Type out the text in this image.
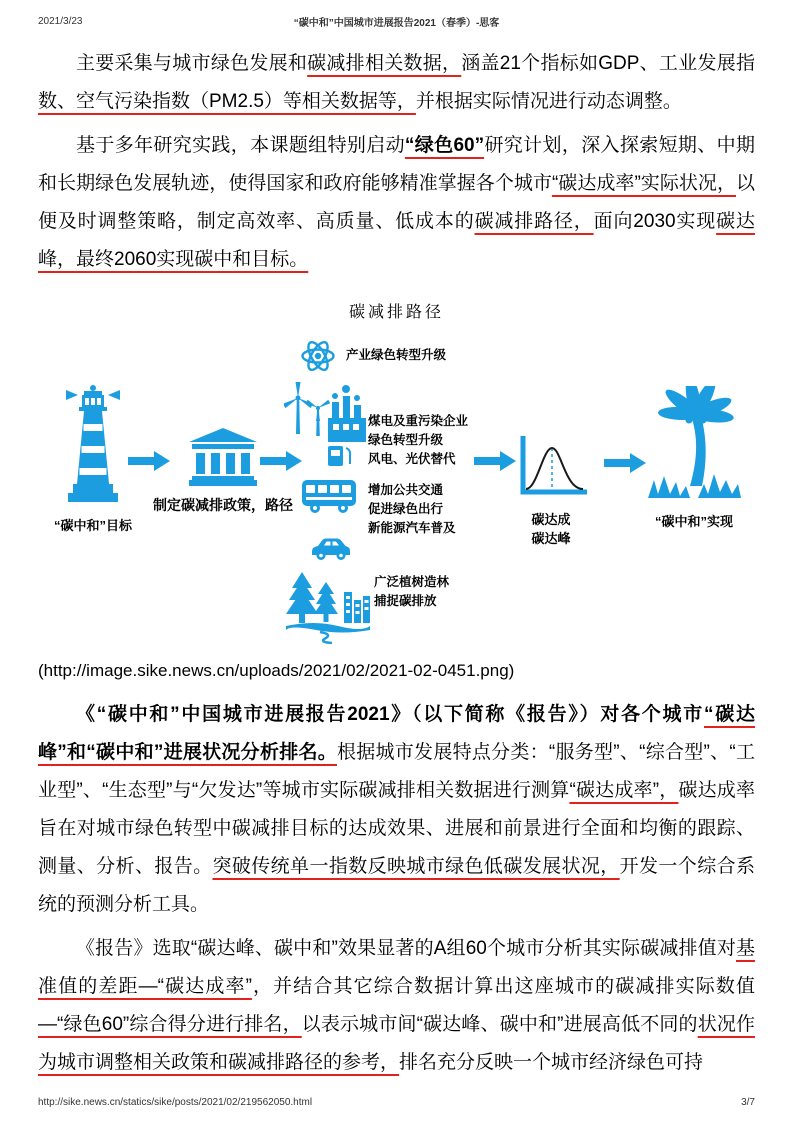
2021/3/23	“碳中和”中国城市进展报告2021（春季）-思客

主要采集与城市绿色发展和碳减排相关数据，涵盖21个指标如GDP、工业发展指数、空气污染指数（PM2.5）等相关数据等，并根据实际情况进行动态调整。

基于多年研究实践，本课题组特别启动“绿色60”研究计划，深入探索短期、中期和长期绿色发展轨迹，使得国家和政府能够精准掌握各个城市“碳达成率”实际状况，以便及时调整策略，制定高效率、高质量、低成本的碳减排路径，面向2030实现碳达峰，最终2060实现碳中和目标。

碳减排路径
“碳中和”目标
制定碳减排政策，路径
产业绿色转型升级
煤电及重污染企业
绿色转型升级
风电、光伏替代
增加公共交通
促进绿色出行
新能源汽车普及
广泛植树造林
捕捉碳排放
碳达成
碳达峰
“碳中和”实现

(http://image.sike.news.cn/uploads/2021/02/2021-02-0451.png)

《“碳中和”中国城市进展报告2021》（以下简称《报告》）对各个城市“碳达峰”和“碳中和”进展状况分析排名。根据城市发展特点分类：“服务型”、“综合型”、“工业型”、“生态型”与“欠发达”等城市实际碳减排相关数据进行测算“碳达成率”，碳达成率旨在对城市绿色转型中碳减排目标的达成效果、进展和前景进行全面和均衡的跟踪、测量、分析、报告。突破传统单一指数反映城市绿色低碳发展状况，开发一个综合系统的预测分析工具。

《报告》选取“碳达峰、碳中和”效果显著的A组60个城市分析其实际碳减排值对基准值的差距—“碳达成率”，并结合其它综合数据计算出这座城市的碳减排实际数值—“绿色60”综合得分进行排名，以表示城市间“碳达峰、碳中和”进展高低不同的状况作为城市调整相关政策和碳减排路径的参考，排名充分反映一个城市经济绿色可持

http://sike.news.cn/statics/sike/posts/2021/02/219562050.html	3/7
